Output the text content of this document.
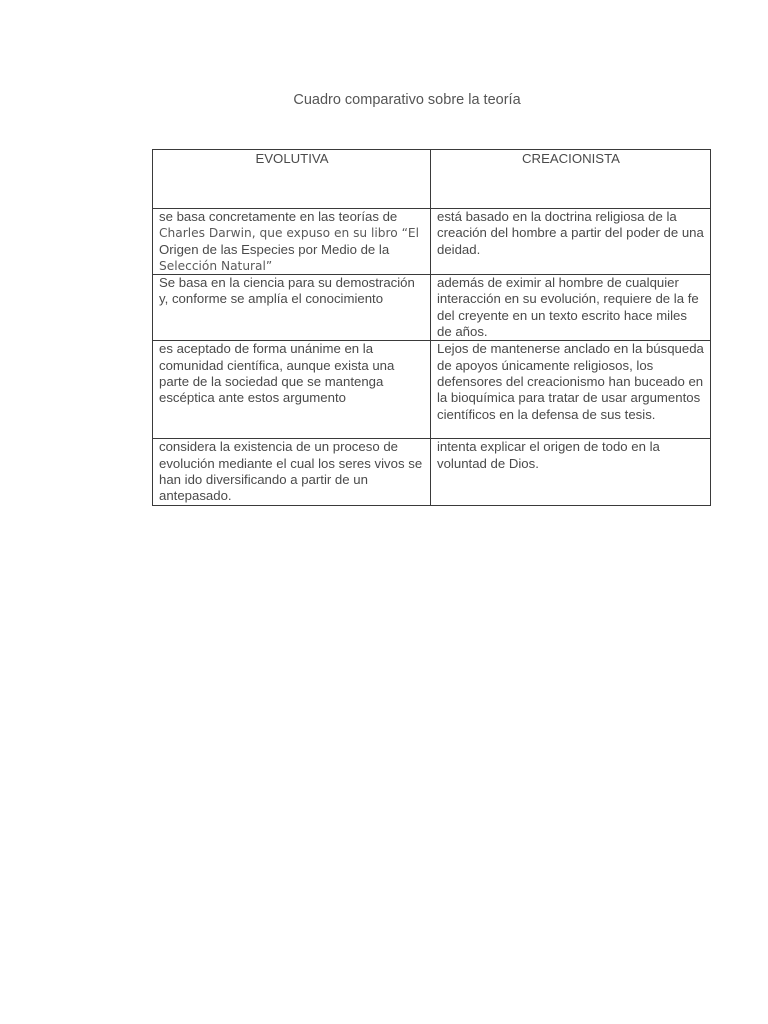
Cuadro comparativo sobre la teoría
EVOLUTIVA	CREACIONISTA
se basa concretamente en las teorías de Charles Darwin, que expuso en su libro “El Origen de las Especies por Medio de la Selección Natural”	está basado en la doctrina religiosa de la creación del hombre a partir del poder de una deidad.
Se basa en la ciencia para su demostración y, conforme se amplía el conocimiento	además de eximir al hombre de cualquier interacción en su evolución, requiere de la fe del creyente en un texto escrito hace miles de años.
es aceptado de forma unánime en la comunidad científica, aunque exista una parte de la sociedad que se mantenga escéptica ante estos argumento	Lejos de mantenerse anclado en la búsqueda de apoyos únicamente religiosos, los defensores del creacionismo han buceado en la bioquímica para tratar de usar argumentos científicos en la defensa de sus tesis.
considera la existencia de un proceso de evolución mediante el cual los seres vivos se han ido diversificando a partir de un antepasado.	intenta explicar el origen de todo en la voluntad de Dios.
